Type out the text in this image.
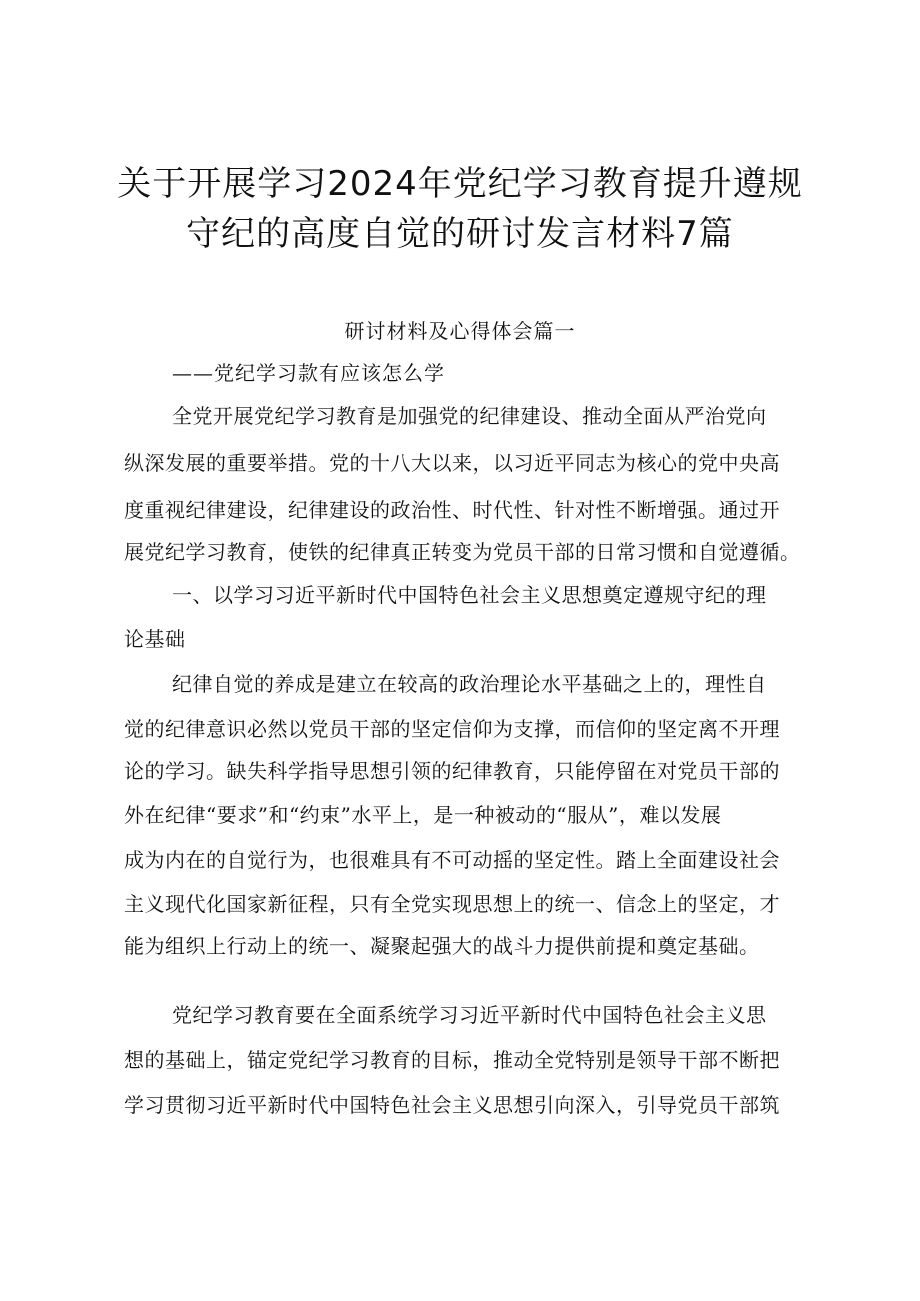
关于开展学习2024年党纪学习教育提升遵规
守纪的高度自觉的研讨发言材料7篇
研讨材料及心得体会篇一
——党纪学习款有应该怎么学
全党开展党纪学习教育是加强党的纪律建设、推动全面从严治党向
纵深发展的重要举措。党的十八大以来，以习近平同志为核心的党中央高
度重视纪律建设，纪律建设的政治性、时代性、针对性不断增强。通过开
展党纪学习教育，使铁的纪律真正转变为党员干部的日常习惯和自觉遵循。
一、以学习习近平新时代中国特色社会主义思想奠定遵规守纪的理
论基础
纪律自觉的养成是建立在较高的政治理论水平基础之上的，理性自
觉的纪律意识必然以党员干部的坚定信仰为支撑，而信仰的坚定离不开理
论的学习。缺失科学指导思想引领的纪律教育，只能停留在对党员干部的
外在纪律“要求”和“约束”水平上，是一种被动的“服从”，难以发展
成为内在的自觉行为，也很难具有不可动摇的坚定性。踏上全面建设社会
主义现代化国家新征程，只有全党实现思想上的统一、信念上的坚定，才
能为组织上行动上的统一、凝聚起强大的战斗力提供前提和奠定基础。
党纪学习教育要在全面系统学习习近平新时代中国特色社会主义思
想的基础上，锚定党纪学习教育的目标，推动全党特别是领导干部不断把
学习贯彻习近平新时代中国特色社会主义思想引向深入，引导党员干部筑
